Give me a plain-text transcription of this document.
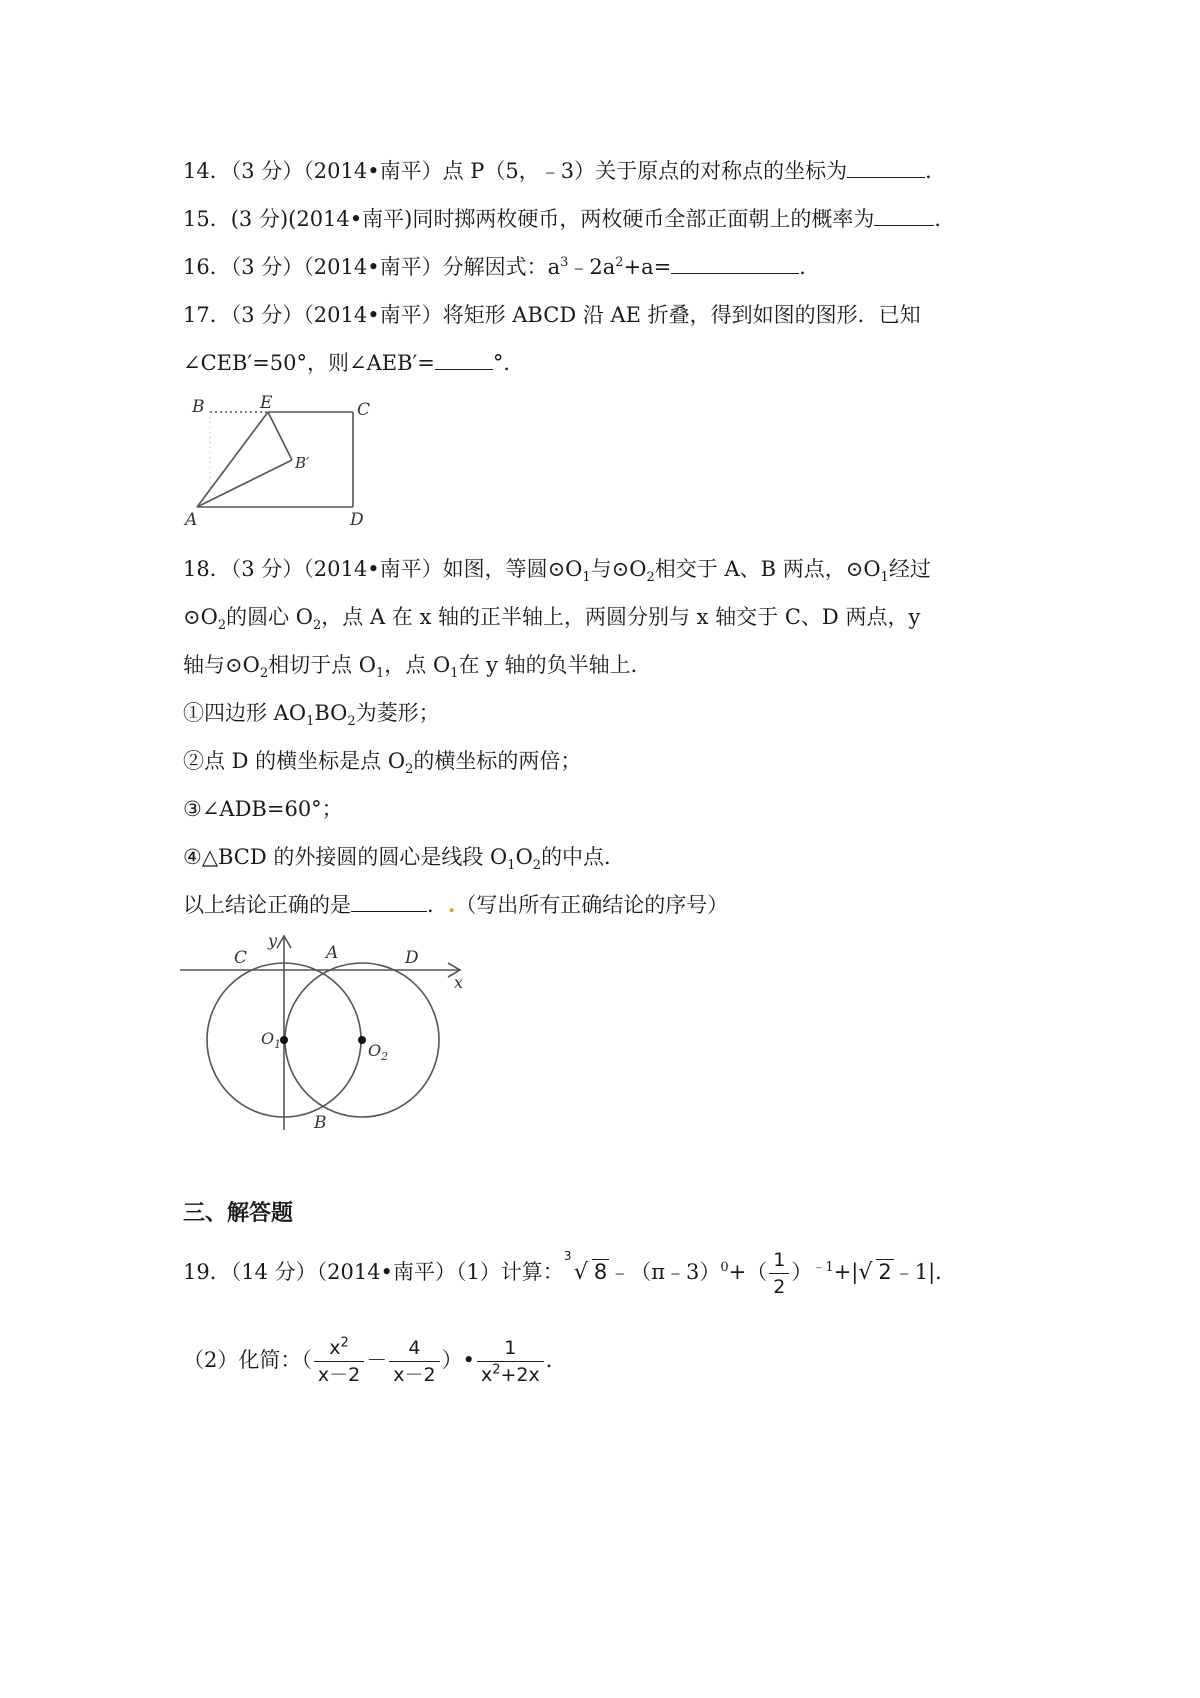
14．（3 分）（2014•南平）点 P（5，﹣3）关于原点的对称点的坐标为	．
15．(3 分)(2014•南平)同时掷两枚硬币，两枚硬币全部正面朝上的概率为	．
16．（3 分）（2014•南平）分解因式：$a^3﹣2a^2+a=$	．
17．（3 分）（2014•南平）将矩形 ABCD 沿 AE 折叠，得到如图的图形．已知
∠CEB′=50°，则∠AEB′=	°．
B	E	C
B′
A	D
18．（3 分）（2014•南平）如图，等圆$⊙O_1$与$⊙O_2$相交于 A、B 两点，$⊙O_1$经过
$⊙O_2$的圆心 $O_2$，点 A 在 x 轴的正半轴上，两圆分别与 x 轴交于 C、D 两点，y
轴与$⊙O_2$相切于点 $O_1$，点 $O_1$在 y 轴的负半轴上．
①四边形 $AO_1BO_2$为菱形；
②点 D 的横坐标是点 $O_2$的横坐标的两倍；
③∠ADB=60°；
④△BCD 的外接圆的圆心是线段 $O_1O_2$的中点．
以上结论正确的是	．.（写出所有正确结论的序号）
y
x
C	A	D
$O_1$	$O_2$
B
三、解答题
19．（14 分）（2014•南平）（1）计算：
3
√ 8﹣（π﹣3）$^0$+（ $\frac{1}{2} )^{﹣1}+|√$ 2﹣1|．
（2）化简：（ $\frac{x^2}{x-2} - \frac{4}{x-2}$ ）• $\frac{1}{x^2+2x}$ ．
